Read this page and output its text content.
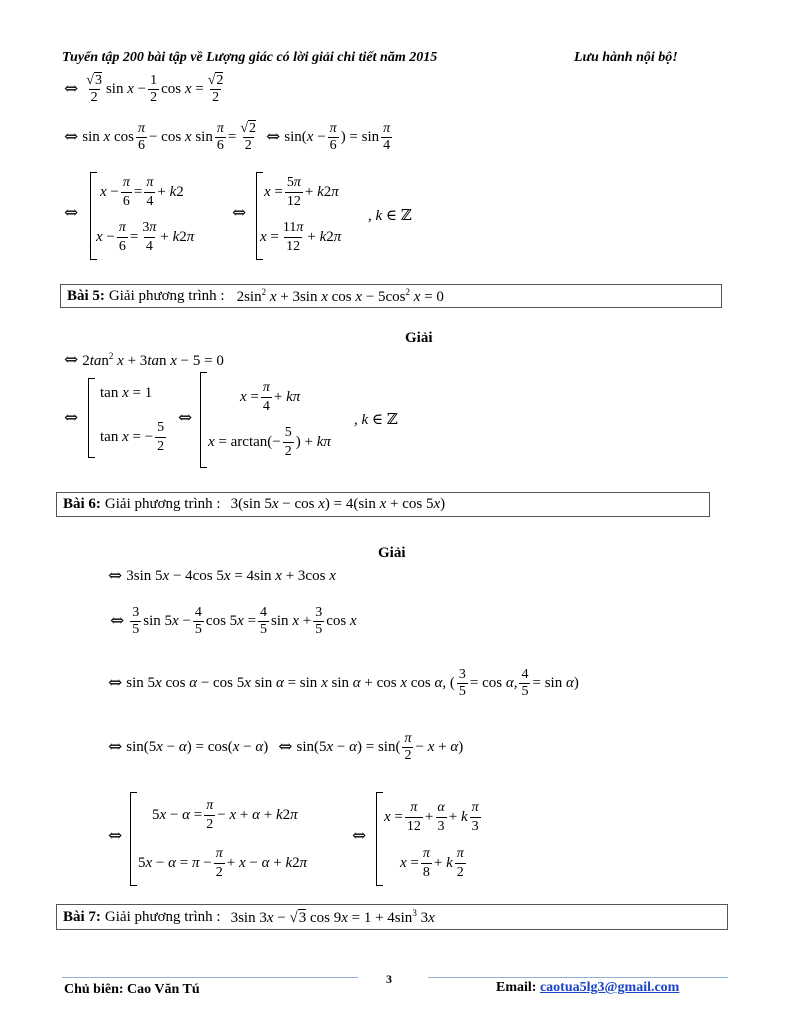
Tuyển tập 200 bài tập về Lượng giác có lời giải chi tiết năm 2015	Lưu hành nội bộ!
⇔ $\frac{√3}{2}$ $\sin x - \frac{1}{2}$ $\cos x = \frac{√2}{2}$
⇔ sin x $\cos \frac{\pi}{6} - \cos x$ $\sin \frac{\pi}{6} = \frac{√2}{2}$ ⇔ $\sin(x - \frac{\pi}{6}$ ) = $\sin \frac{\pi}{4}$
⇔
$x - \frac{\pi}{6} = \frac{\pi}{4} + k2$
$x - \frac{\pi}{6} = \frac{3\pi}{4} + k2\pi$
⇔
$x = \frac{5\pi}{12} + k2\pi$
$x = \frac{11\pi}{12} + k2\pi$
, k ∈ ℤ
Bài 5: Giải phương trình : $2\sin^2$ x + 3sin x $\cos x - 5\cos^2$ x = 0
Giải
⇔ $2\tan^2$ x + 3tan x − 5 = 0
⇔
tan x = 1
tan x = − $\frac{5}{2}$
⇔
$x = \frac{\pi}{4} + k\pi$
$x = \arctan(- \frac{5}{2}$ ) + kπ
, k ∈ ℤ
Bài 6: Giải phương trình : 3(sin 5x − cos x) = 4(sin x + cos 5x)
Giải
⇔ 3sin 5x − 4cos 5x = 4sin x + 3cos x
⇔ $\frac{3}{5}$ $\sin 5x - \frac{4}{5}$ $\cos 5x = \frac{4}{5}$ $\sin x + \frac{3}{5}$ cos x
⇔ sin 5x cos α − cos 5x sin α = sin x sin α + cos x cos α, ( $\frac{3}{5} = \cos \alpha$, $\frac{4}{5} = \sin \alpha$)
⇔ sin(5x − α) = cos(x − α) ⇔ $\sin(5x - \alpha) = \sin( \frac{\pi}{2} - x + \alpha)$
⇔
$5x - \alpha = \frac{\pi}{2} - x + \alpha + k2\pi$
$5x - \alpha = \pi - \frac{\pi}{2} + x - \alpha + k2\pi$
⇔
$x = \frac{\pi}{12} + \frac{\alpha}{3} + k \frac{\pi}{3}$
$x = \frac{\pi}{8} + k \frac{\pi}{2}$
Bài 7: Giải phương trình : 3sin 3x − √3 $\cos 9x = 1 + 4\sin^3$ 3x
Chủ biên: Cao Văn Tú
3
Email: caotua5lg3@gmail.com
